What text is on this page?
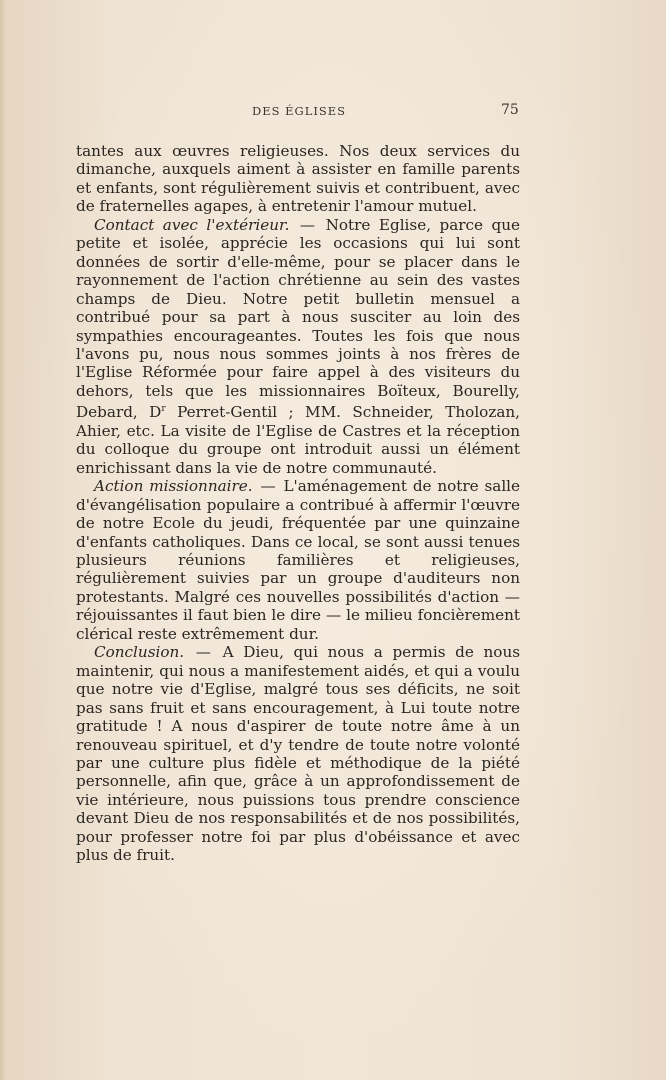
DES ÉGLISES	75

tantes aux œuvres religieuses. Nos deux services du dimanche, auxquels aiment à assister en famille parents et enfants, sont régulièrement suivis et contribuent, avec de fraternelles agapes, à entretenir l'amour mutuel.

Contact avec l'extérieur. — Notre Eglise, parce que petite et isolée, apprécie les occasions qui lui sont données de sortir d'elle-même, pour se placer dans le rayonnement de l'action chrétienne au sein des vastes champs de Dieu. Notre petit bulletin mensuel a contribué pour sa part à nous susciter au loin des sympathies encourageantes. Toutes les fois que nous l'avons pu, nous nous sommes joints à nos frères de l'Eglise Réformée pour faire appel à des visiteurs du dehors, tels que les missionnaires Boïteux, Bourelly, Debard, $D^r$ Perret-Gentil ; MM. Schneider, Tholozan, Ahier, etc. La visite de l'Eglise de Castres et la réception du colloque du groupe ont introduit aussi un élément enrichissant dans la vie de notre communauté.

Action missionnaire. — L'aménagement de notre salle d'évangélisation populaire a contribué à affermir l'œuvre de notre Ecole du jeudi, fréquentée par une quinzaine d'enfants catholiques. Dans ce local, se sont aussi tenues plusieurs réunions familières et religieuses, régulièrement suivies par un groupe d'auditeurs non protestants. Malgré ces nouvelles possibilités d'action — réjouissantes il faut bien le dire — le milieu foncièrement clérical reste extrêmement dur.

Conclusion. — A Dieu, qui nous a permis de nous maintenir, qui nous a manifestement aidés, et qui a voulu que notre vie d'Eglise, malgré tous ses déficits, ne soit pas sans fruit et sans encouragement, à Lui toute notre gratitude ! A nous d'aspirer de toute notre âme à un renouveau spirituel, et d'y tendre de toute notre volonté par une culture plus fidèle et méthodique de la piété personnelle, afin que, grâce à un approfondissement de vie intérieure, nous puissions tous prendre conscience devant Dieu de nos responsabilités et de nos possibilités, pour professer notre foi par plus d'obéissance et avec plus de fruit.
